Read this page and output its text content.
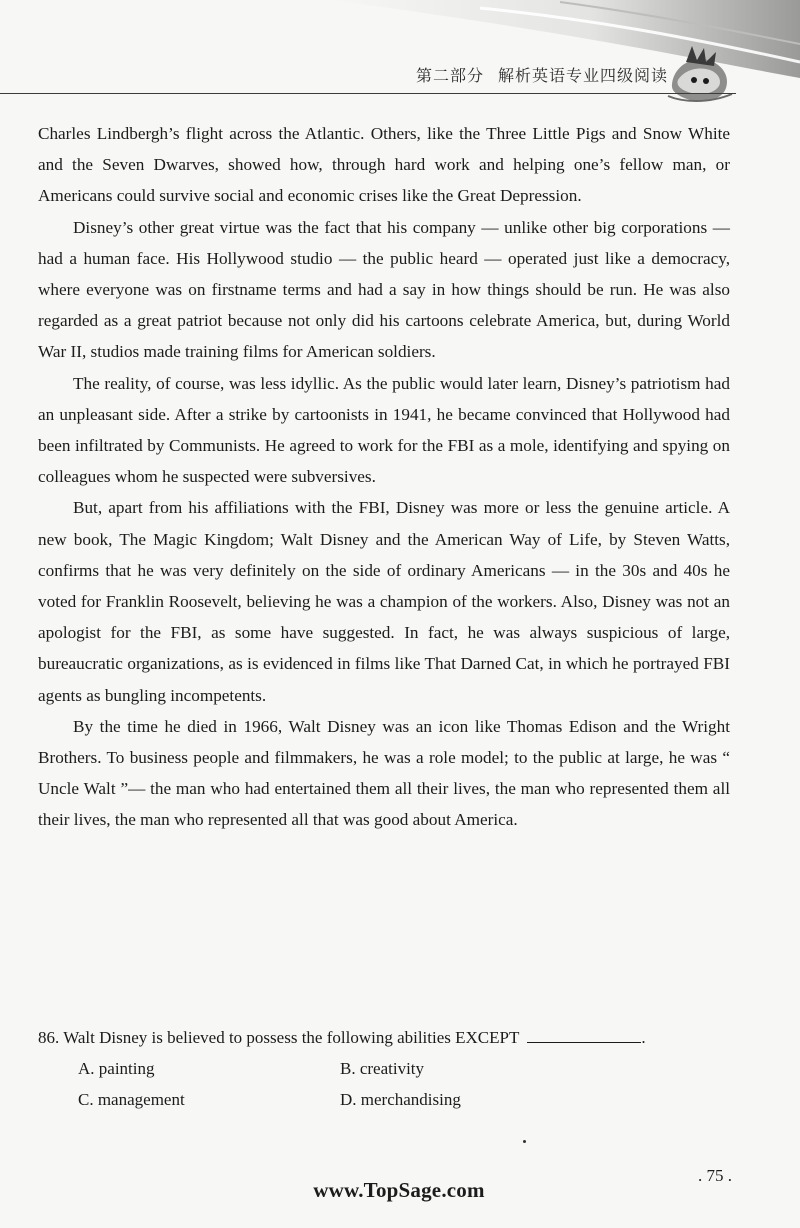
第二部分 解析英语专业四级阅读

Charles Lindbergh’s flight across the Atlantic. Others, like the Three Little Pigs and Snow White and the Seven Dwarves, showed how, through hard work and helping one’s fellow man, or Americans could survive social and economic crises like the Great Depression.

Disney’s other great virtue was the fact that his company — unlike other big corporations — had a human face. His Hollywood studio — the public heard — operated just like a democracy, where everyone was on firstname terms and had a say in how things should be run. He was also regarded as a great patriot because not only did his cartoons celebrate America, but, during World War II, studios made training films for American soldiers.

The reality, of course, was less idyllic. As the public would later learn, Disney’s patriotism had an unpleasant side. After a strike by cartoonists in 1941, he became convinced that Hollywood had been infiltrated by Communists. He agreed to work for the FBI as a mole, identifying and spying on colleagues whom he suspected were subversives.

But, apart from his affiliations with the FBI, Disney was more or less the genuine article. A new book, The Magic Kingdom; Walt Disney and the American Way of Life, by Steven Watts, confirms that he was very definitely on the side of ordinary Americans — in the 30s and 40s he voted for Franklin Roosevelt, believing he was a champion of the workers. Also, Disney was not an apologist for the FBI, as some have suggested. In fact, he was always suspicious of large, bureaucratic organizations, as is evidenced in films like That Darned Cat, in which he portrayed FBI agents as bungling incompetents.

By the time he died in 1966, Walt Disney was an icon like Thomas Edison and the Wright Brothers. To business people and filmmakers, he was a role model; to the public at large, he was “ Uncle Walt ”— the man who had entertained them all their lives, the man who represented them all their lives, the man who represented all that was good about America.

86. Walt Disney is believed to possess the following abilities EXCEPT	.
A. painting	B. creativity
C. management	D. merchandising
. 75 .
www.TopSage.com
